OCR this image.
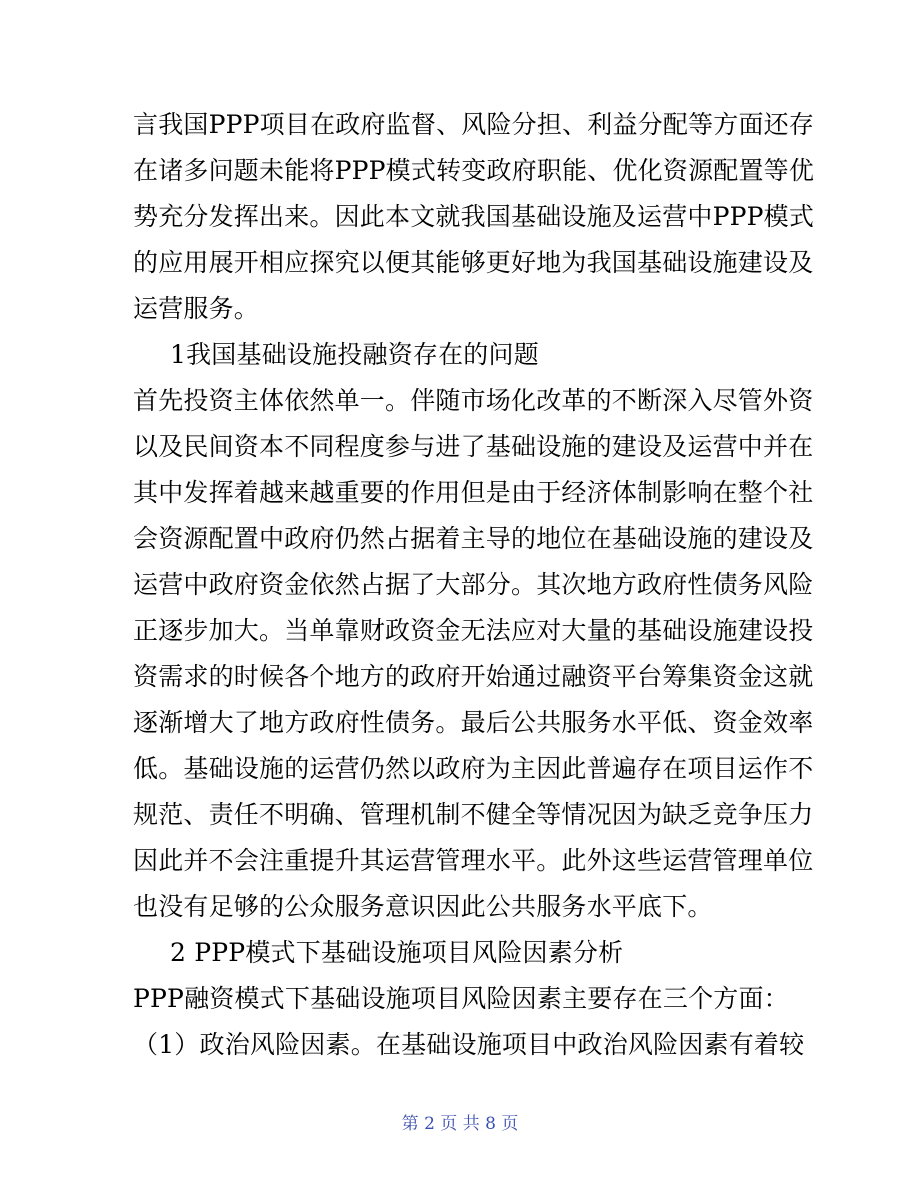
言我国PPP项目在政府监督、风险分担、利益分配等方面还存
在诸多问题未能将PPP模式转变政府职能、优化资源配置等优
势充分发挥出来。因此本文就我国基础设施及运营中PPP模式
的应用展开相应探究以便其能够更好地为我国基础设施建设及
运营服务。
1我国基础设施投融资存在的问题
首先投资主体依然单一。伴随市场化改革的不断深入尽管外资
以及民间资本不同程度参与进了基础设施的建设及运营中并在
其中发挥着越来越重要的作用但是由于经济体制影响在整个社
会资源配置中政府仍然占据着主导的地位在基础设施的建设及
运营中政府资金依然占据了大部分。其次地方政府性债务风险
正逐步加大。当单靠财政资金无法应对大量的基础设施建设投
资需求的时候各个地方的政府开始通过融资平台筹集资金这就
逐渐增大了地方政府性债务。最后公共服务水平低、资金效率
低。基础设施的运营仍然以政府为主因此普遍存在项目运作不
规范、责任不明确、管理机制不健全等情况因为缺乏竞争压力
因此并不会注重提升其运营管理水平。此外这些运营管理单位
也没有足够的公众服务意识因此公共服务水平底下。
2 PPP模式下基础设施项目风险因素分析
PPP融资模式下基础设施项目风险因素主要存在三个方面：
（1）政治风险因素。在基础设施项目中政治风险因素有着较
第 2 页 共 8 页
